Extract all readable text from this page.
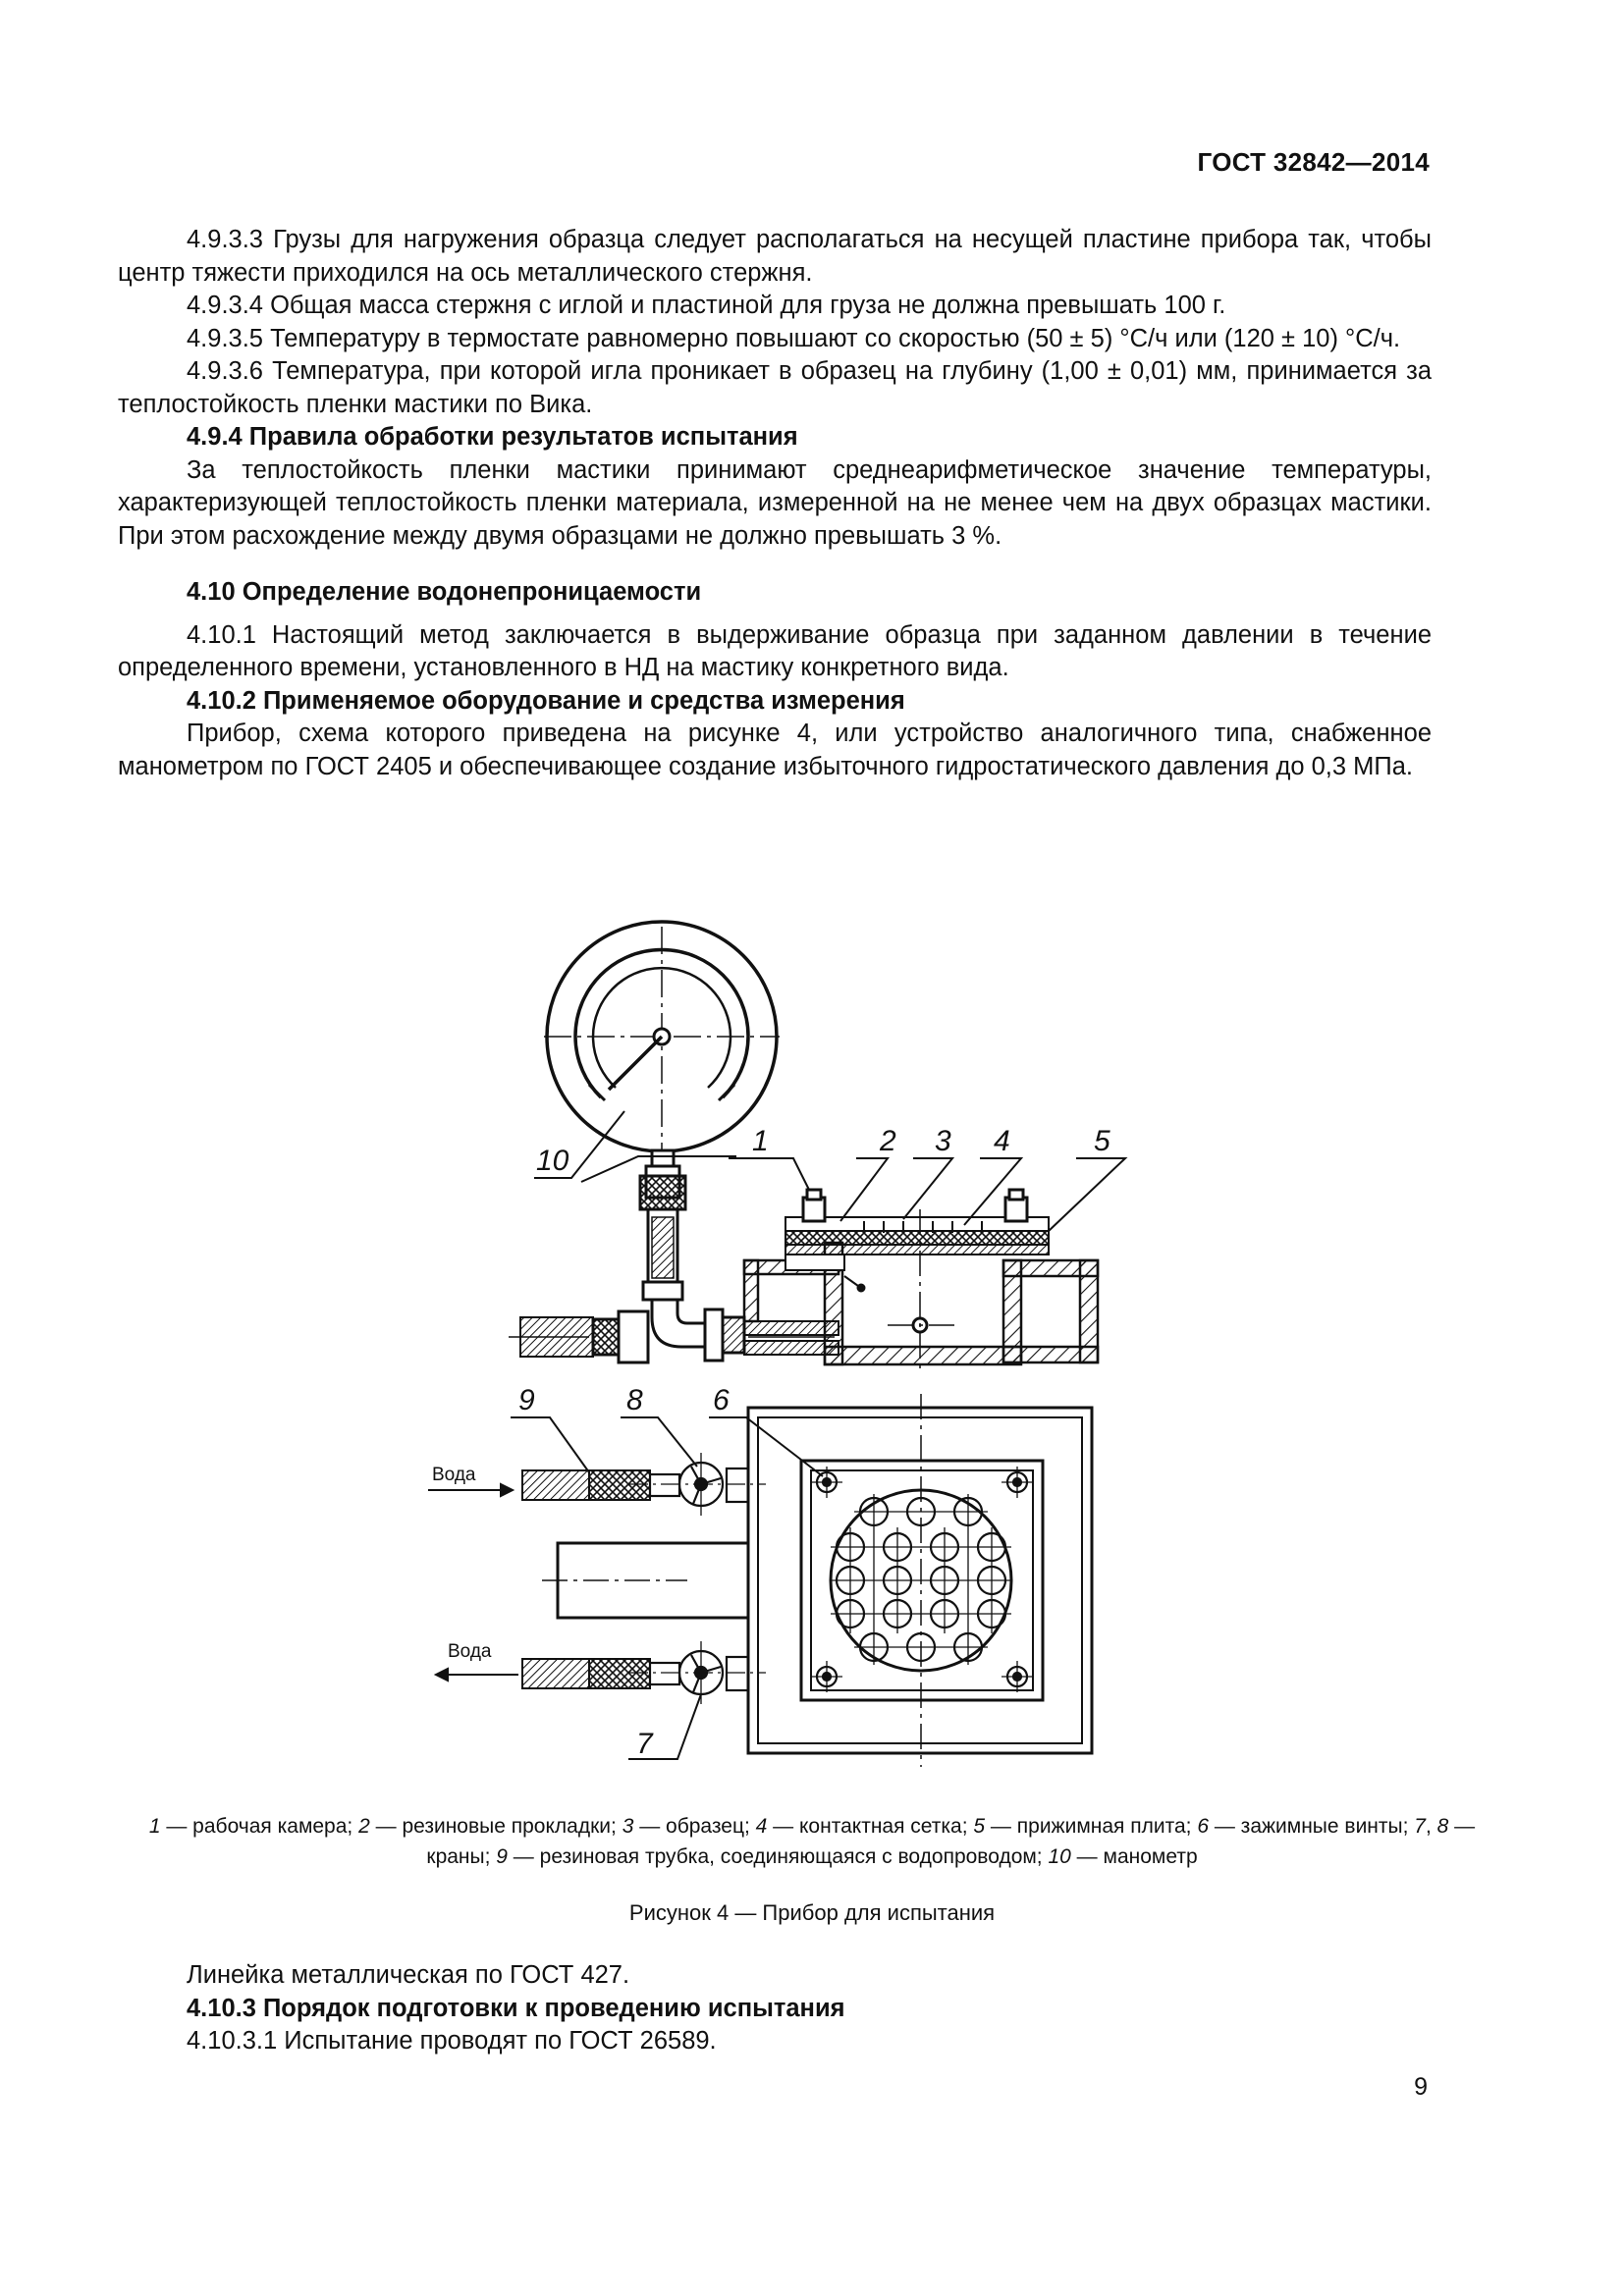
ГОСТ 32842—2014

4.9.3.3 Грузы для нагружения образца следует располагаться на несущей пластине прибора так, чтобы центр тяжести приходился на ось металлического стержня.

4.9.3.4 Общая масса стержня с иглой и пластиной для груза не должна превышать 100 г.

4.9.3.5 Температуру в термостате равномерно повышают со скоростью (50 ± 5) °С/ч или (120 ± 10) °С/ч.

4.9.3.6 Температура, при которой игла проникает в образец на глубину (1,00 ± 0,01) мм, принимается за теплостойкость пленки мастики по Вика.

4.9.4 Правила обработки результатов испытания

За теплостойкость пленки мастики принимают среднеарифметическое значение температуры, характеризующей теплостойкость пленки материала, измеренной на не менее чем на двух образцах мастики. При этом расхождение между двумя образцами не должно превышать 3 %.

4.10 Определение водонепроницаемости

4.10.1 Настоящий метод заключается в выдерживание образца при заданном давлении в течение определенного времени, установленного в НД на мастику конкретного вида.

4.10.2 Применяемое оборудование и средства измерения

Прибор, схема которого приведена на рисунке 4, или устройство аналогичного типа, снабженное манометром по ГОСТ 2405 и обеспечивающее создание избыточного гидростатического давления до 0,3 МПа.

10
1	2 3 4	5
9	8 6
7
Вода
Вода
1 — рабочая камера; 2 — резиновые прокладки; 3 — образец; 4 — контактная сетка; 5 — прижимная плита; 6 — зажимные винты; 7, 8 — краны; 9 — резиновая трубка, соединяющаяся с водопроводом; 10 — манометр
Рисунок 4 — Прибор для испытания

Линейка металлическая по ГОСТ 427.

4.10.3 Порядок подготовки к проведению испытания

4.10.3.1 Испытание проводят по ГОСТ 26589.

9
